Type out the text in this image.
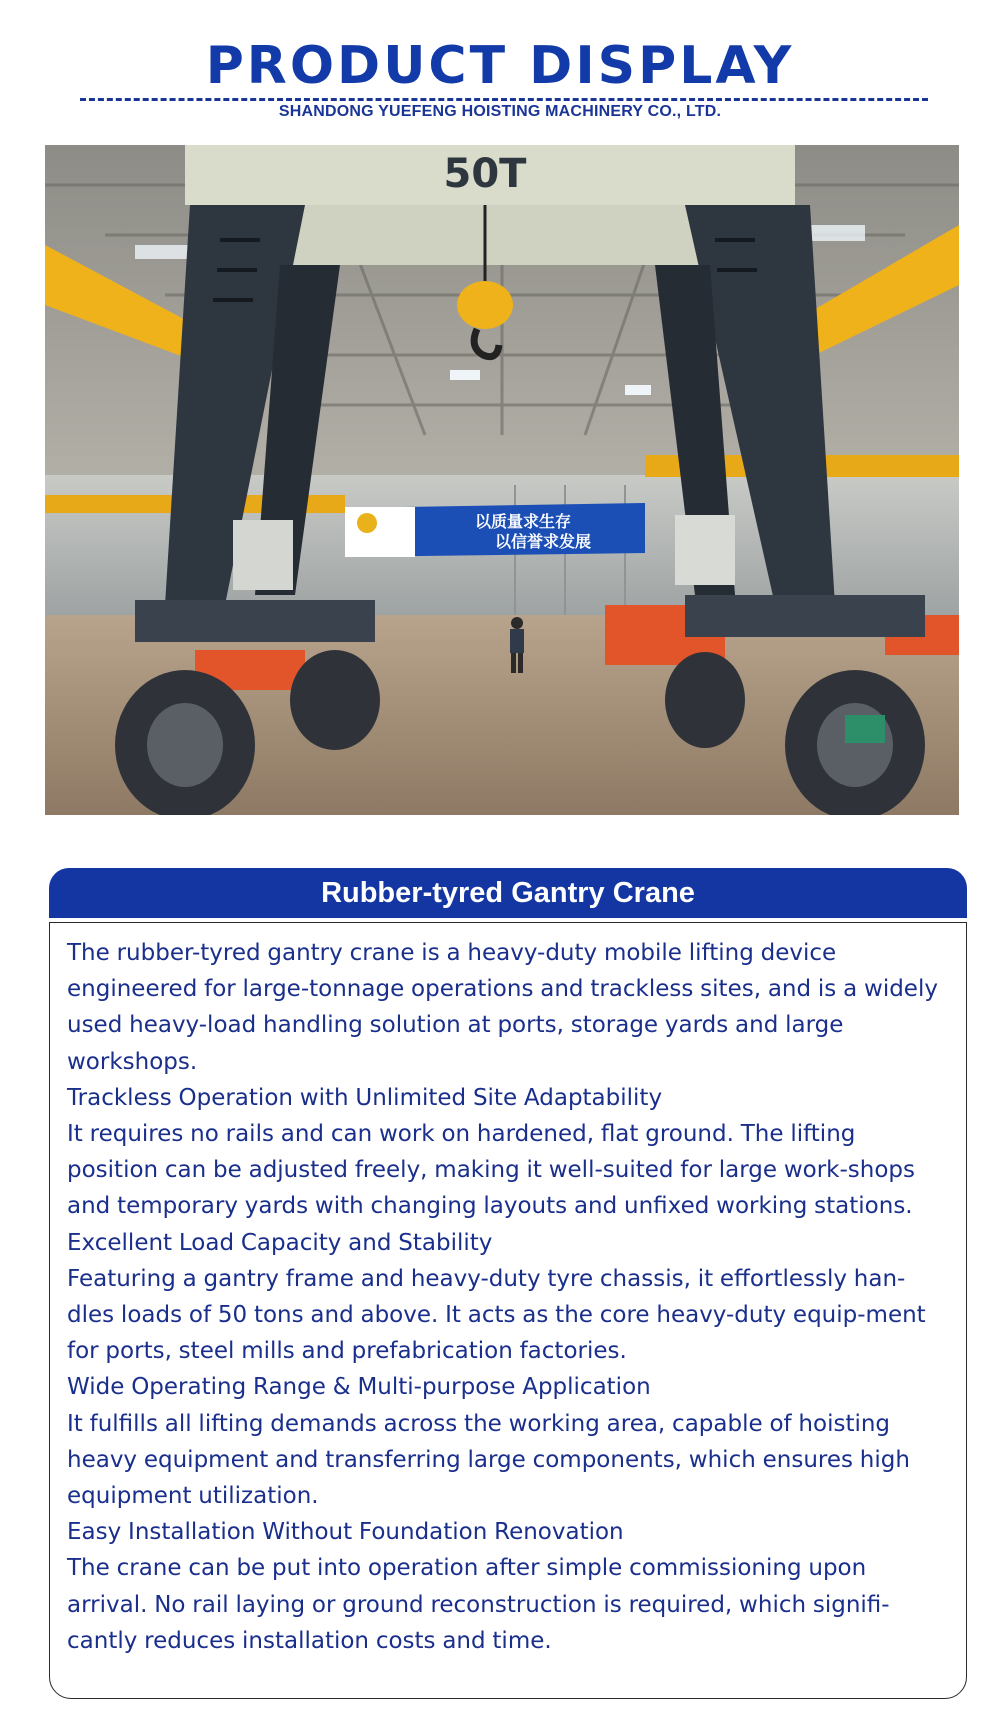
PRODUCT DISPLAY
SHANDONG YUEFENG HOISTING MACHINERY CO., LTD.
以质量求生存
以信誉求发展
50T
Rubber-tyred Gantry Crane

The rubber-tyred gantry crane is a heavy-duty mobile lifting device engineered for large-tonnage operations and trackless sites, and is a widely used heavy-load handling solution at ports, storage yards and large workshops.

Trackless Operation with Unlimited Site Adaptability

It requires no rails and can work on hardened, flat ground. The lifting position can be adjusted freely, making it well-suited for large work-shops and temporary yards with changing layouts and unfixed working stations.

Excellent Load Capacity and Stability

Featuring a gantry frame and heavy-duty tyre chassis, it effortlessly han-dles loads of 50 tons and above. It acts as the core heavy-duty equip-ment for ports, steel mills and prefabrication factories.

Wide Operating Range & Multi-purpose Application

It fulfills all lifting demands across the working area, capable of hoisting heavy equipment and transferring large components, which ensures high equipment utilization.

Easy Installation Without Foundation Renovation

The crane can be put into operation after simple commissioning upon arrival. No rail laying or ground reconstruction is required, which signifi-cantly reduces installation costs and time.
